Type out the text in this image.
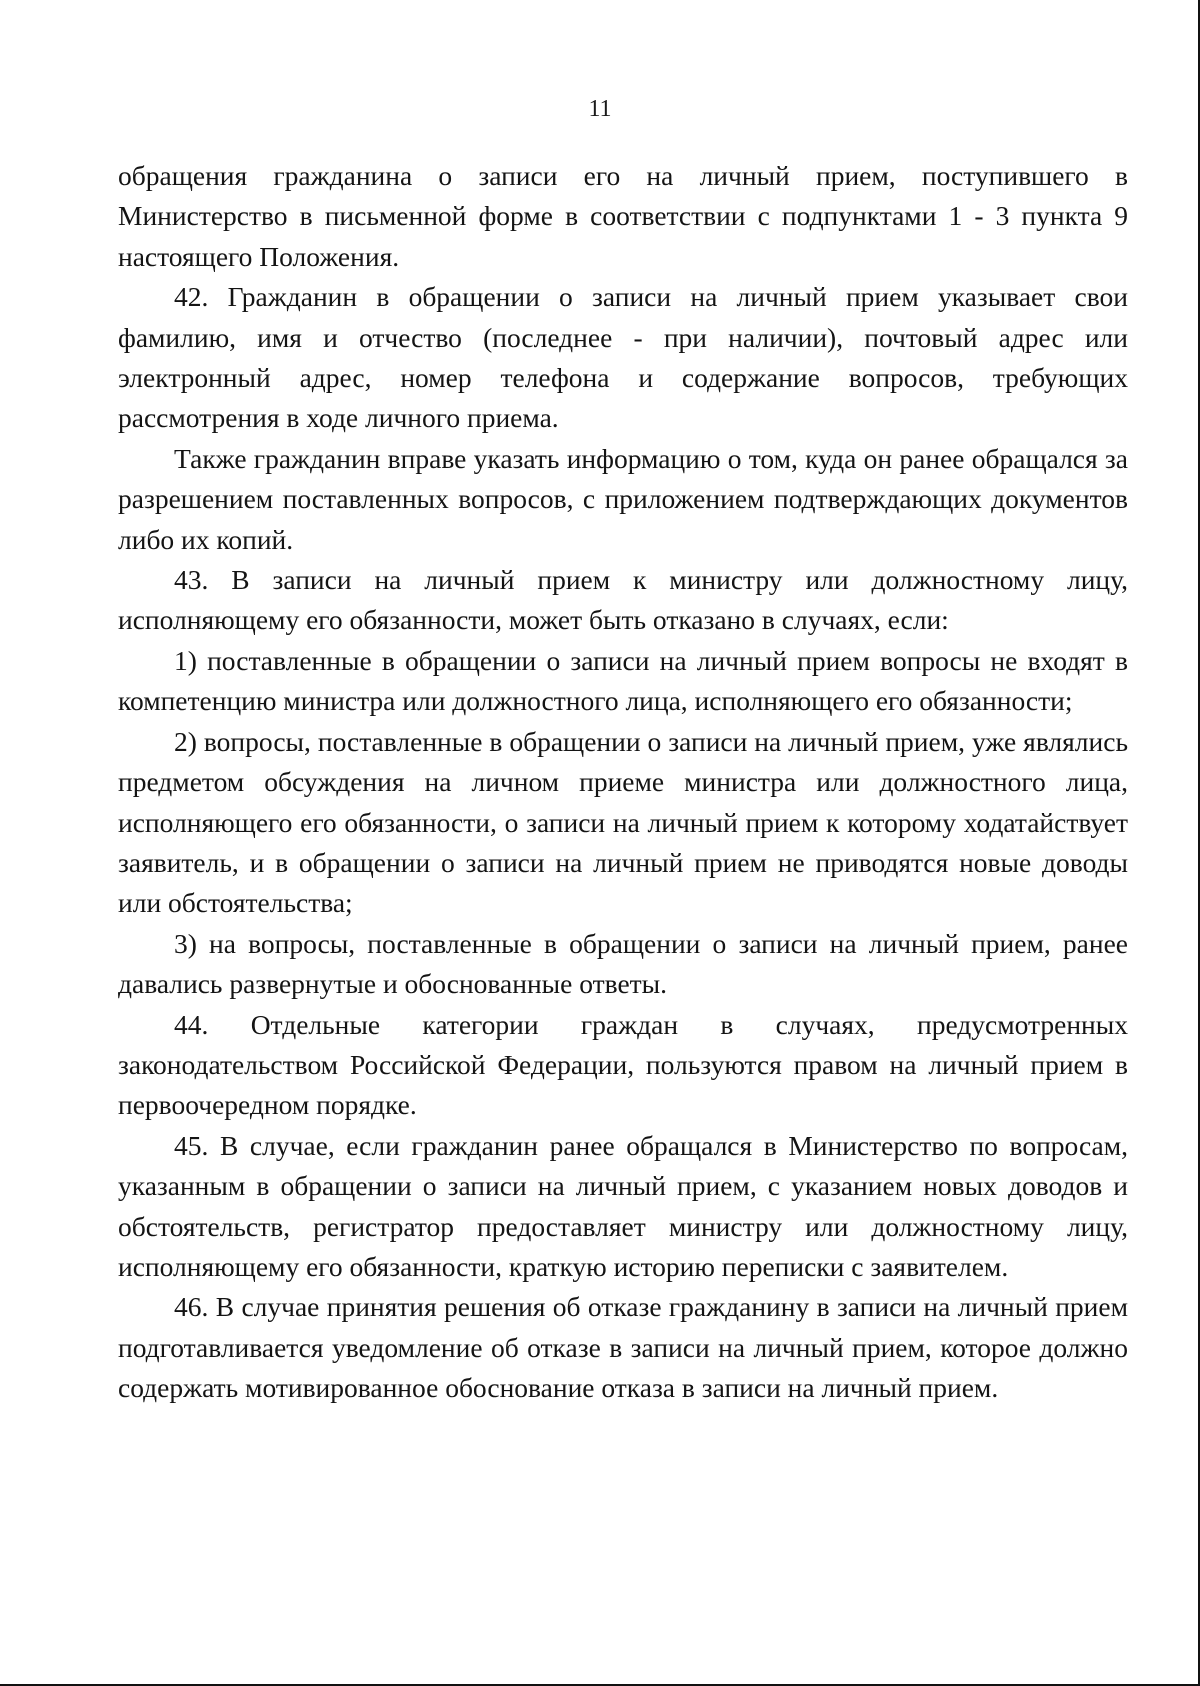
11

обращения гражданина о записи его на личный прием, поступившего в Министерство в письменной форме в соответствии с подпунктами 1 - 3 пункта 9 настоящего Положения.

42. Гражданин в обращении о записи на личный прием указывает свои фамилию, имя и отчество (последнее - при наличии), почтовый адрес или электронный адрес, номер телефона и содержание вопросов, требующих рассмотрения в ходе личного приема.

Также гражданин вправе указать информацию о том, куда он ранее обращался за разрешением поставленных вопросов, с приложением подтверждающих документов либо их копий.

43. В записи на личный прием к министру или должностному лицу, исполняющему его обязанности, может быть отказано в случаях, если:

1) поставленные в обращении о записи на личный прием вопросы не входят в компетенцию министра или должностного лица, исполняющего его обязанности;

2) вопросы, поставленные в обращении о записи на личный прием, уже являлись предметом обсуждения на личном приеме министра или должностного лица, исполняющего его обязанности, о записи на личный прием к которому ходатайствует заявитель, и в обращении о записи на личный прием не приводятся новые доводы или обстоятельства;

3) на вопросы, поставленные в обращении о записи на личный прием, ранее давались развернутые и обоснованные ответы.

44. Отдельные категории граждан в случаях, предусмотренных законодательством Российской Федерации, пользуются правом на личный прием в первоочередном порядке.

45. В случае, если гражданин ранее обращался в Министерство по вопросам, указанным в обращении о записи на личный прием, с указанием новых доводов и обстоятельств, регистратор предоставляет министру или должностному лицу, исполняющему его обязанности, краткую историю переписки с заявителем.

46. В случае принятия решения об отказе гражданину в записи на личный прием подготавливается уведомление об отказе в записи на личный прием, которое должно содержать мотивированное обоснование отказа в записи на личный прием.
